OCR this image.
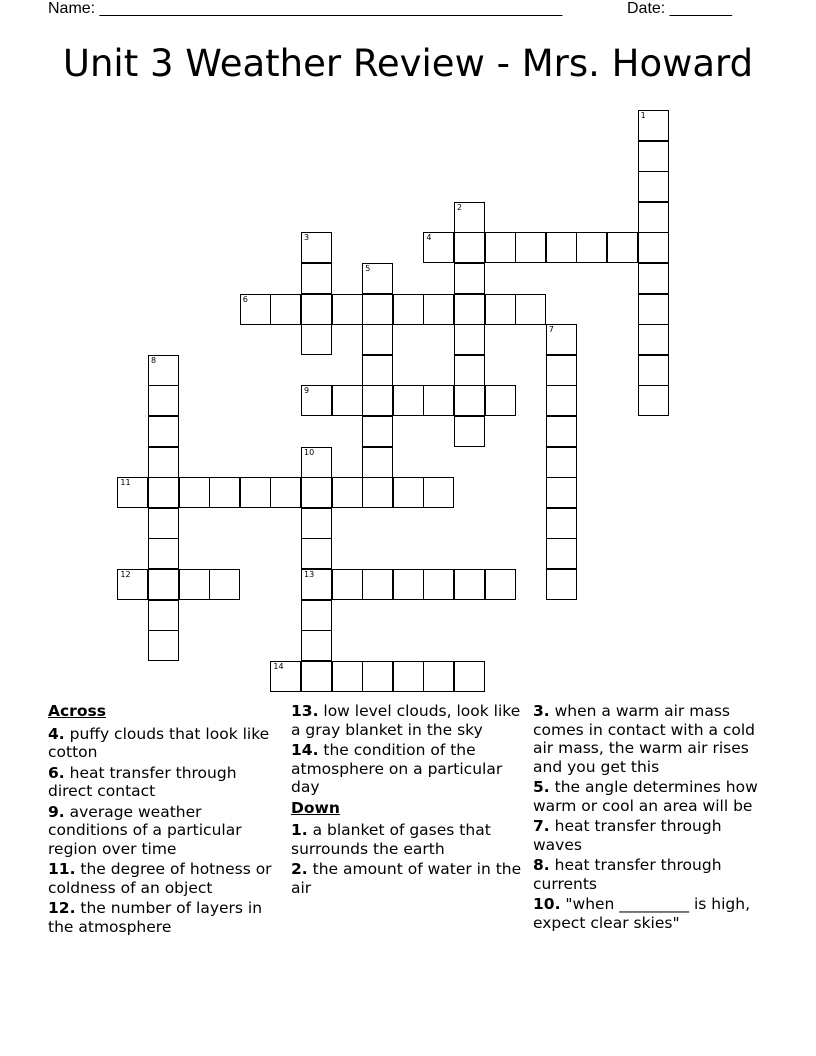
Name: ____________________________________________________	Date: _______
Unit 3 Weather Review - Mrs. Howard
1
2
3	4
5
6
7
8
9
10
13
11
12
14
Across
4. puffy clouds that look like cotton
6. heat transfer through direct contact
9. average weather conditions of a particular region over time
11. the degree of hotness or coldness of an object
12. the number of layers in the atmosphere
13. low level clouds, look like a gray blanket in the sky
14. the condition of the atmosphere on a particular day
Down
1. a blanket of gases that surrounds the earth
2. the amount of water in the air
3. when a warm air mass comes in contact with a cold air mass, the warm air rises and you get this
5. the angle determines how warm or cool an area will be
7. heat transfer through waves
8. heat transfer through currents
10. "when _________ is high, expect clear skies"
